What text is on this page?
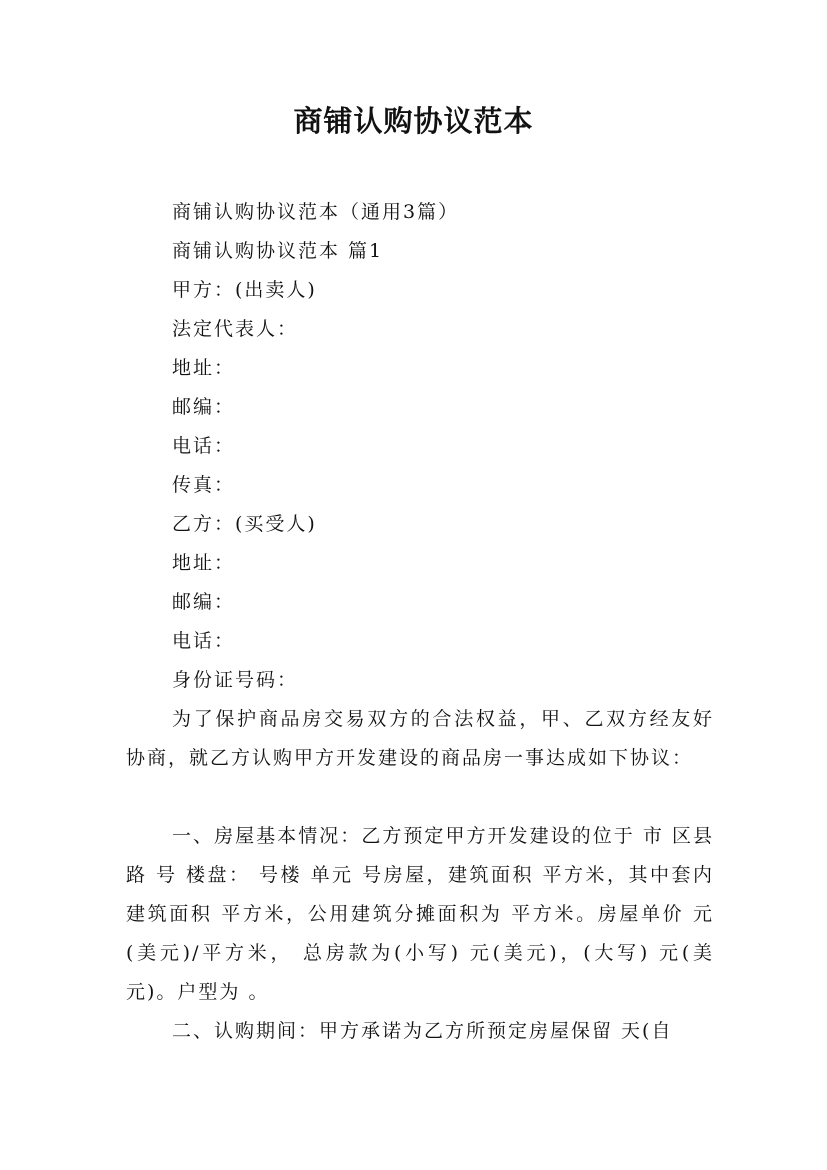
商铺认购协议范本
商铺认购协议范本（通用3篇）
商铺认购协议范本 篇1
甲方：(出卖人)
法定代表人：
地址：
邮编：
电话：
传真：
乙方：(买受人)
地址：
邮编：
电话：
身份证号码：

为了保护商品房交易双方的合法权益，甲、乙双方经友好协商，就乙方认购甲方开发建设的商品房一事达成如下协议：

一、房屋基本情况：乙方预定甲方开发建设的位于 市 区县 路 号 楼盘： 号楼 单元 号房屋，建筑面积 平方米，其中套内建筑面积 平方米，公用建筑分摊面积为 平方米。房屋单价 元(美元)/平方米， 总房款为(小写) 元(美元)，(大写) 元(美元)。户型为 。

二、认购期间：甲方承诺为乙方所预定房屋保留 天(自
